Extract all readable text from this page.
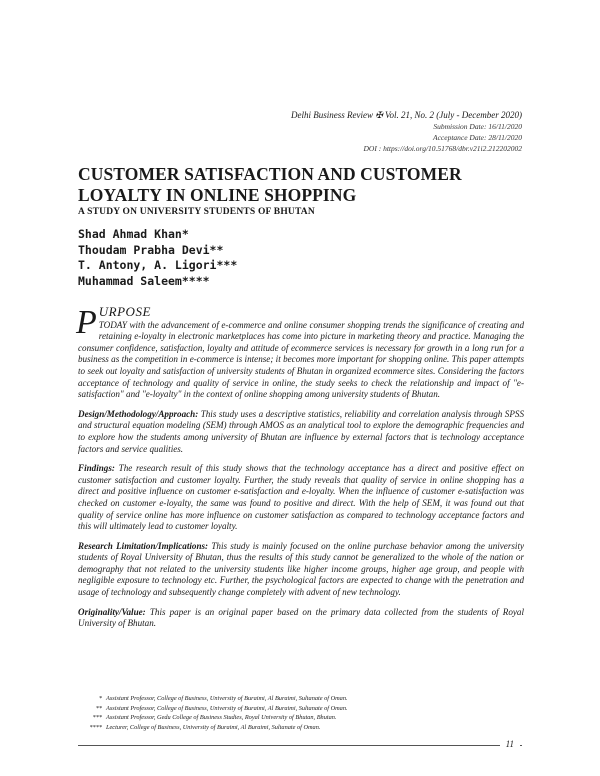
Delhi Business Review ✠ Vol. 21, No. 2 (July - December 2020)
Submission Date: 16/11/2020
Acceptance Date: 28/11/2020
DOI : https://doi.org/10.51768/dbr.v21i2.212202002
CUSTOMER SATISFACTION AND CUSTOMER LOYALTY IN ONLINE SHOPPING
A STUDY ON UNIVERSITY STUDENTS OF BHUTAN
Shad Ahmad Khan*
Thoudam Prabha Devi**
T. Antony, A. Ligori***
Muhammad Saleem****

PURPOSE
TODAY with the advancement of e-commerce and online consumer shopping trends the significance of creating and retaining e-loyalty in electronic marketplaces has come into picture in marketing theory and practice. Managing the consumer confidence, satisfaction, loyalty and attitude of ecommerce services is necessary for growth in a long run for a business as the competition in e-commerce is intense; it becomes more important for shopping online. This paper attempts to seek out loyalty and satisfaction of university students of Bhutan in organized ecommerce sites. Considering the factors acceptance of technology and quality of service in online, the study seeks to check the relationship and impact of "e-satisfaction" and "e-loyalty" in the context of online shopping among university students of Bhutan.

Design/Methodology/Approach: This study uses a descriptive statistics, reliability and correlation analysis through SPSS and structural equation modeling (SEM) through AMOS as an analytical tool to explore the demographic frequencies and to explore how the students among university of Bhutan are influence by external factors that is technology acceptance factors and service qualities.

Findings: The research result of this study shows that the technology acceptance has a direct and positive effect on customer satisfaction and customer loyalty. Further, the study reveals that quality of service in online shopping has a direct and positive influence on customer e-satisfaction and e-loyalty. When the influence of customer e-satisfaction was checked on customer e-loyalty, the same was found to positive and direct. With the help of SEM, it was found out that quality of service online has more influence on customer satisfaction as compared to technology acceptance factors and this will ultimately lead to customer loyalty.

Research Limitation/Implications: This study is mainly focused on the online purchase behavior among the university students of Royal University of Bhutan, thus the results of this study cannot be generalized to the whole of the nation or demography that not related to the university students like higher income groups, higher age group, and people with negligible exposure to technology etc. Further, the psychological factors are expected to change with the penetration and usage of technology and subsequently change completely with advent of new technology.

Originality/Value: This paper is an original paper based on the primary data collected from the students of Royal University of Bhutan.

* Assistant Professor, College of Business, University of Buraimi, Al Buraimi, Sultanate of Oman.
** Assistant Professor, College of Business, University of Buraimi, Al Buraimi, Sultanate of Oman.
*** Assistant Professor, Gedu College of Business Studies, Royal University of Bhutan, Bhutan.
**** Lecturer, College of Business, University of Buraimi, Al Buraimi, Sultanate of Oman.
11
